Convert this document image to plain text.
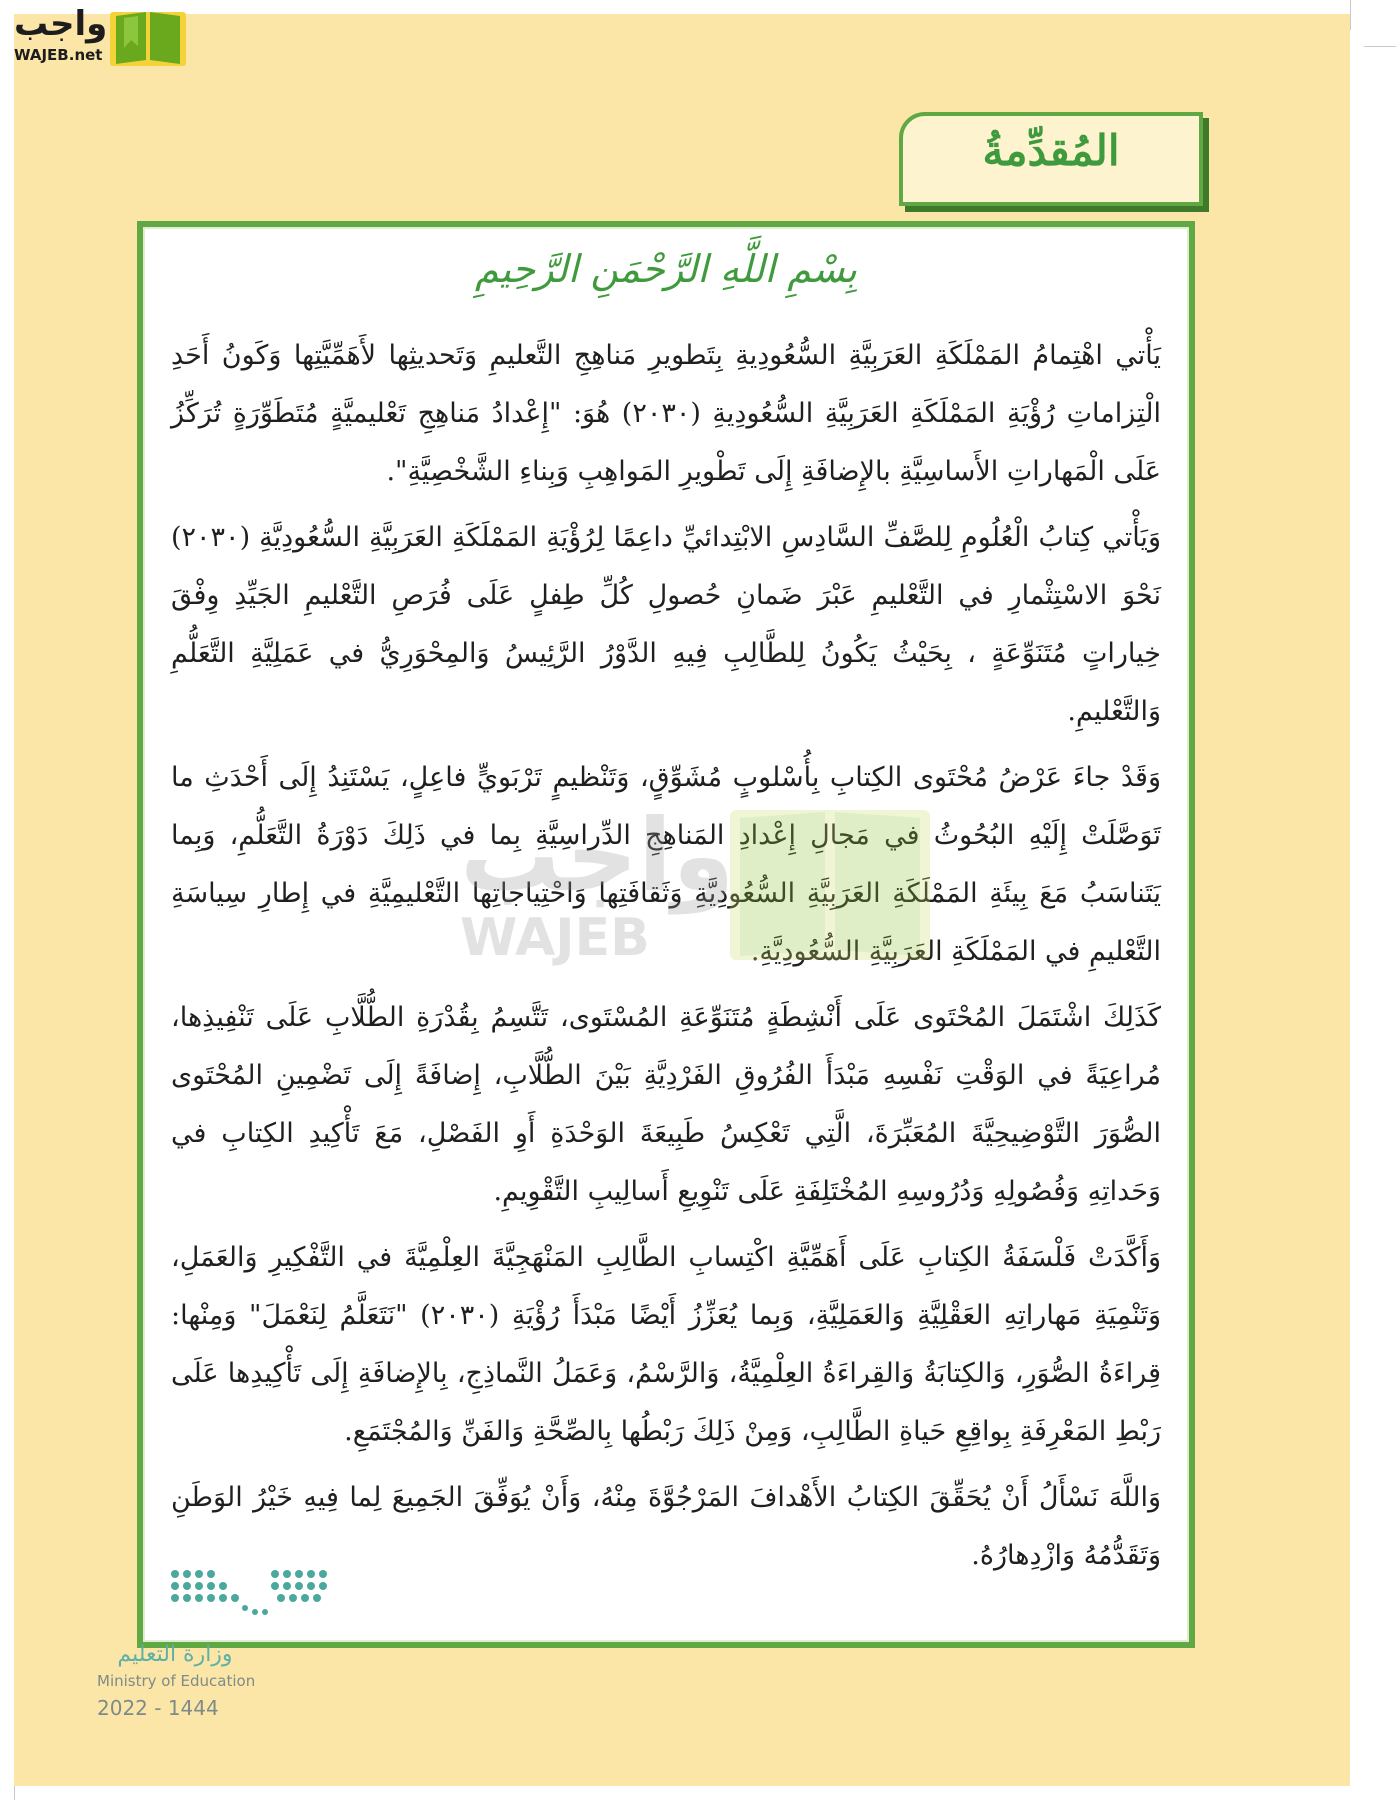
واجب
WAJEB.net
المُقدِّمةُ
بِسْمِ اللَّهِ الرَّحْمَنِ الرَّحِيمِ

يَأْتي اهْتِمامُ المَمْلَكَةِ العَرَبِيَّةِ السُّعُودِيةِ بِتَطويرِ مَناهِجِ التَّعليمِ وَتَحديثِها لأَهَمِّيَّتِها وَكَونُ أَحَدِ الْتِزاماتِ رُؤْيَةِ المَمْلَكَةِ العَرَبِيَّةِ السُّعُودِيةِ (٢٠٣٠) هُوَ: "إِعْدادُ مَناهِجِ تَعْليميَّةٍ مُتَطَوِّرَةٍ تُرَكِّزُ عَلَى الْمَهاراتِ الأَساسِيَّةِ بالإِضافَةِ إِلَى تَطْويرِ المَواهِبِ وَبِناءِ الشَّخْصِيَّةِ".

وَيَأْتي كِتابُ الْعُلُومِ لِلصَّفِّ السَّادِسِ الابْتِدائيِّ داعِمًا لِرُؤْيَةِ المَمْلَكَةِ العَرَبِيَّةِ السُّعُودِيَّةِ (٢٠٣٠) نَحْوَ الاسْتِثْمارِ في التَّعْليمِ عَبْرَ ضَمانِ حُصولِ كُلِّ طِفلٍ عَلَى فُرَصِ التَّعْليمِ الجَيِّدِ وِفْقَ خِياراتٍ مُتَنَوِّعَةٍ ، بِحَيْثُ يَكُونُ لِلطَّالِبِ فِيهِ الدَّوْرُ الرَّئِيسُ وَالمِحْوَرِيُّ في عَمَلِيَّةِ التَّعَلُّمِ وَالتَّعْليمِ.

وَقَدْ جاءَ عَرْضُ مُحْتَوى الكِتابِ بِأُسْلوبٍ مُشَوِّقٍ، وَتَنْظيمٍ تَرْبَويٍّ فاعِلٍ، يَسْتَنِدُ إِلَى أَحْدَثِ ما تَوَصَّلَتْ إِلَيْهِ البُحُوثُ في مَجالِ إِعْدادِ المَناهِجِ الدِّراسِيَّةِ بِما في ذَلِكَ دَوْرَةُ التَّعَلُّمِ، وَبِما يَتَناسَبُ مَعَ بِيئَةِ المَمْلَكَةِ العَرَبِيَّةِ السُّعُودِيَّةِ وَثَقافَتِها وَاحْتِياجاتِها التَّعْليمِيَّةِ في إِطارِ سِياسَةِ التَّعْليمِ في المَمْلَكَةِ العَرَبِيَّةِ السُّعُودِيَّةِ.

كَذَلِكَ اشْتَمَلَ المُحْتَوى عَلَى أَنْشِطَةٍ مُتَنَوِّعَةِ المُسْتَوى، تَتَّسِمُ بِقُدْرَةِ الطُّلَّابِ عَلَى تَنْفِيذِها، مُراعِيَةً في الوَقْتِ نَفْسِهِ مَبْدَأَ الفُرُوقِ الفَرْدِيَّةِ بَيْنَ الطُّلَّابِ، إِضافَةً إِلَى تَضْمِينِ المُحْتَوى الصُّوَرَ التَّوْضِيحِيَّةَ المُعَبِّرَةَ، الَّتِي تَعْكِسُ طَبِيعَةَ الوَحْدَةِ أَوِ الفَصْلِ، مَعَ تَأْكِيدِ الكِتابِ في وَحَداتِهِ وَفُصُولِهِ وَدُرُوسِهِ المُخْتَلِفَةِ عَلَى تَنْوِيعِ أَسالِيبِ التَّقْوِيمِ.

وَأَكَّدَتْ فَلْسَفَةُ الكِتابِ عَلَى أَهَمِّيَّةِ اكْتِسابِ الطَّالِبِ المَنْهَجِيَّةَ العِلْمِيَّةَ في التَّفْكِيرِ وَالعَمَلِ، وَتَنْمِيَةِ مَهاراتِهِ العَقْلِيَّةِ وَالعَمَلِيَّةِ، وَبِما يُعَزِّزُ أَيْضًا مَبْدَأَ رُؤْيَةِ (٢٠٣٠) "نَتَعَلَّمُ لِنَعْمَلَ" وَمِنْها: قِراءَةُ الصُّوَرِ، وَالكِتابَةُ وَالقِراءَةُ العِلْمِيَّةُ، وَالرَّسْمُ، وَعَمَلُ النَّماذِجِ، بِالإِضافَةِ إِلَى تَأْكِيدِها عَلَى رَبْطِ المَعْرِفَةِ بِواقِعِ حَياةِ الطَّالِبِ، وَمِنْ ذَلِكَ رَبْطُها بِالصِّحَّةِ وَالفَنِّ وَالمُجْتَمَعِ.

وَاللَّهَ نَسْأَلُ أَنْ يُحَقِّقَ الكِتابُ الأَهْدافَ المَرْجُوَّةَ مِنْهُ، وَأَنْ يُوَفِّقَ الجَمِيعَ لِما فِيهِ خَيْرُ الوَطَنِ وَتَقَدُّمُهُ وَازْدِهارُهُ.

واجب
WAJEB
وزارة التعليم
Ministry of Education
2022 - 1444
